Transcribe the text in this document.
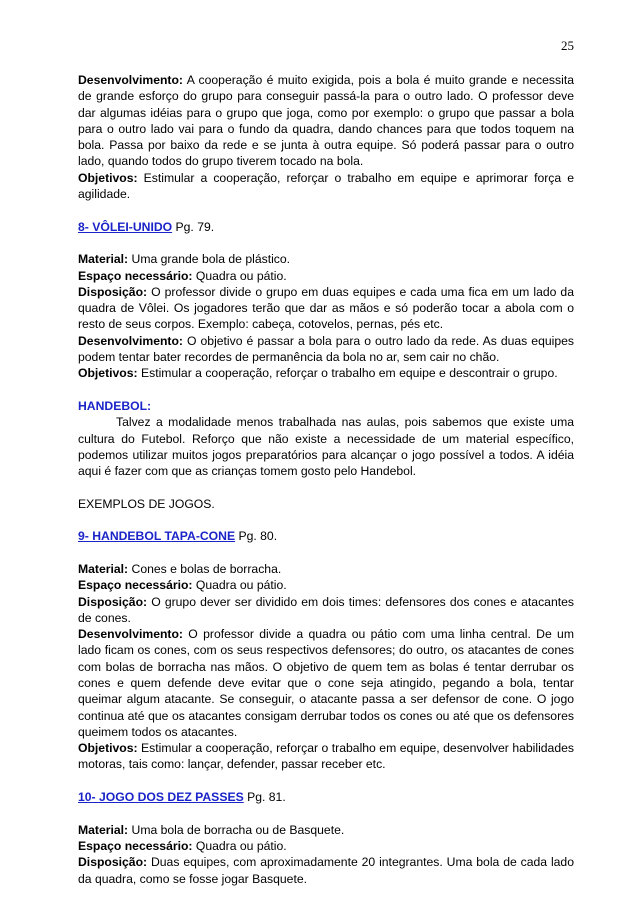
25

Desenvolvimento: A cooperação é muito exigida, pois a bola é muito grande e necessita de grande esforço do grupo para conseguir passá-la para o outro lado. O professor deve dar algumas idéias para o grupo que joga, como por exemplo: o grupo que passar a bola para o outro lado vai para o fundo da quadra, dando chances para que todos toquem na bola. Passa por baixo da rede e se junta à outra equipe. Só poderá passar para o outro lado, quando todos do grupo tiverem tocado na bola.

Objetivos: Estimular a cooperação, reforçar o trabalho em equipe e aprimorar força e agilidade.

8- VÔLEI-UNIDO Pg. 79.

Material: Uma grande bola de plástico.

Espaço necessário: Quadra ou pátio.

Disposição: O professor divide o grupo em duas equipes e cada uma fica em um lado da quadra de Vôlei. Os jogadores terão que dar as mãos e só poderão tocar a abola com o resto de seus corpos. Exemplo: cabeça, cotovelos, pernas, pés etc.

Desenvolvimento: O objetivo é passar a bola para o outro lado da rede. As duas equipes podem tentar bater recordes de permanência da bola no ar, sem cair no chão.

Objetivos: Estimular a cooperação, reforçar o trabalho em equipe e descontrair o grupo.

HANDEBOL:

Talvez a modalidade menos trabalhada nas aulas, pois sabemos que existe uma cultura do Futebol. Reforço que não existe a necessidade de um material específico, podemos utilizar muitos jogos preparatórios para alcançar o jogo possível a todos. A idéia aqui é fazer com que as crianças tomem gosto pelo Handebol.

EXEMPLOS DE JOGOS.

9- HANDEBOL TAPA-CONE Pg. 80.

Material: Cones e bolas de borracha.

Espaço necessário: Quadra ou pátio.

Disposição: O grupo dever ser dividido em dois times: defensores dos cones e atacantes de cones.

Desenvolvimento: O professor divide a quadra ou pátio com uma linha central. De um lado ficam os cones, com os seus respectivos defensores; do outro, os atacantes de cones com bolas de borracha nas mãos. O objetivo de quem tem as bolas é tentar derrubar os cones e quem defende deve evitar que o cone seja atingido, pegando a bola, tentar queimar algum atacante. Se conseguir, o atacante passa a ser defensor de cone. O jogo continua até que os atacantes consigam derrubar todos os cones ou até que os defensores queimem todos os atacantes.

Objetivos: Estimular a cooperação, reforçar o trabalho em equipe, desenvolver habilidades motoras, tais como: lançar, defender, passar receber etc.

10- JOGO DOS DEZ PASSES Pg. 81.

Material: Uma bola de borracha ou de Basquete.

Espaço necessário: Quadra ou pátio.

Disposição: Duas equipes, com aproximadamente 20 integrantes. Uma bola de cada lado da quadra, como se fosse jogar Basquete.
